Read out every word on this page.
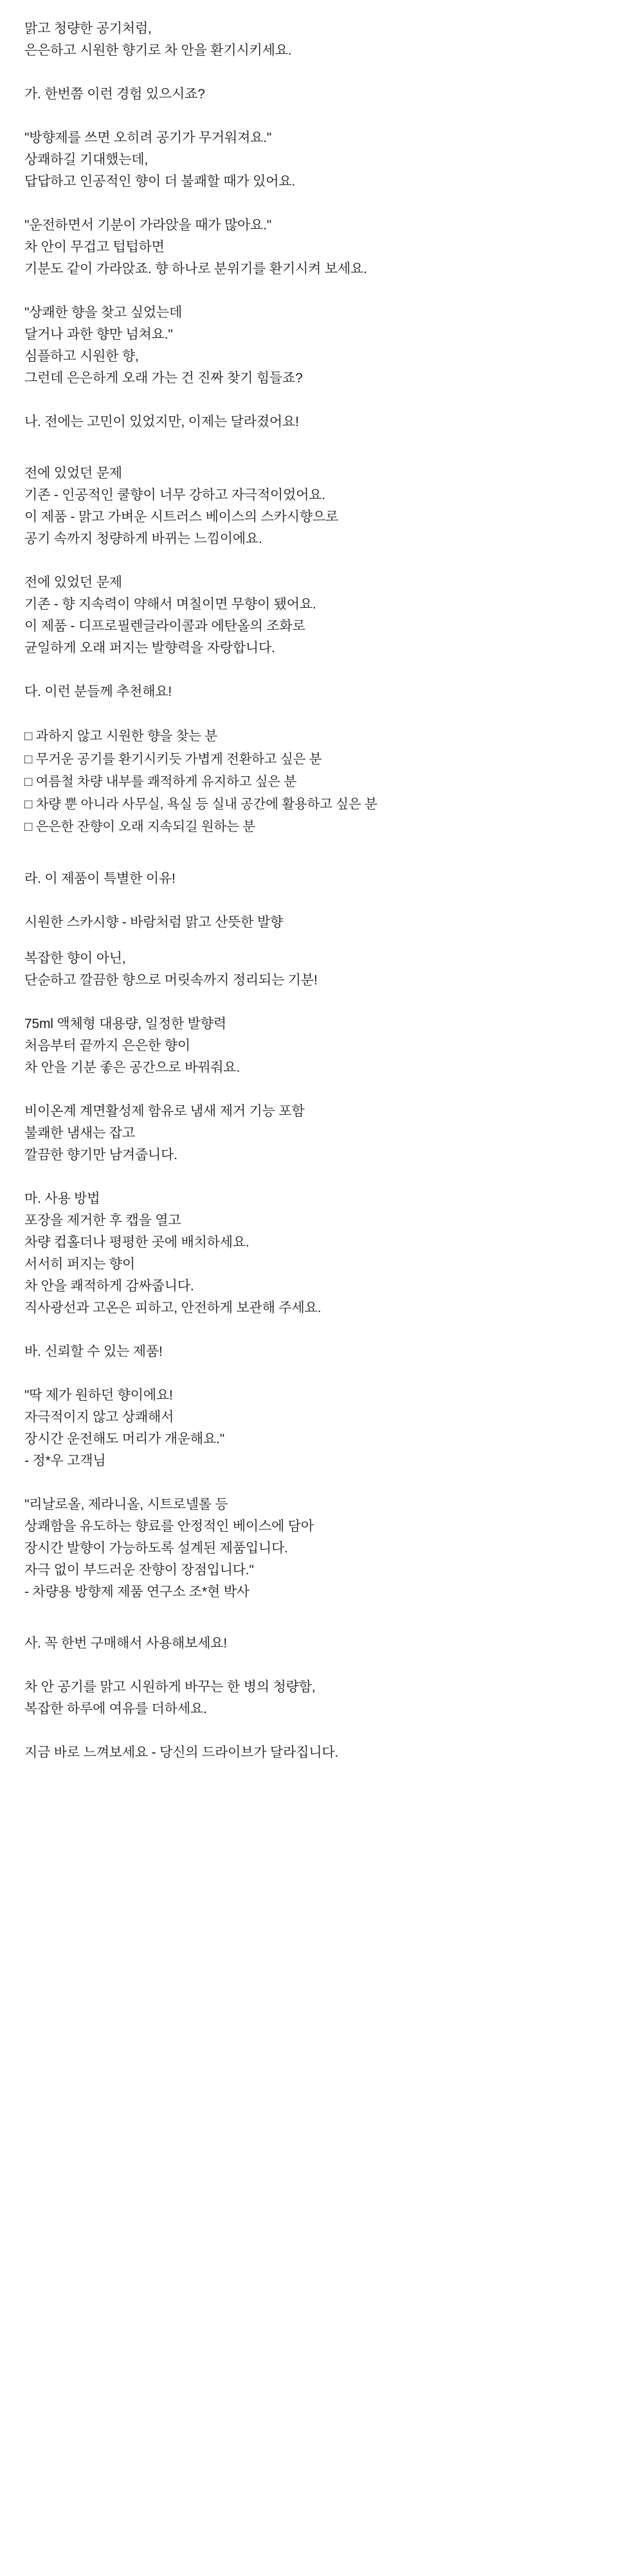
맑고 청량한 공기처럼,
은은하고 시원한 향기로 차 안을 환기시키세요.
가. 한번쯤 이런 경험 있으시죠?
"방향제를 쓰면 오히려 공기가 무거워져요."
상쾌하길 기대했는데,
답답하고 인공적인 향이 더 불쾌할 때가 있어요.
"운전하면서 기분이 가라앉을 때가 많아요."
차 안이 무겁고 텁텁하면
기분도 같이 가라앉죠. 향 하나로 분위기를 환기시켜 보세요.
"상쾌한 향을 찾고 싶었는데
달거나 과한 향만 넘쳐요."
심플하고 시원한 향,
그런데 은은하게 오래 가는 건 진짜 찾기 힘들죠?
나. 전에는 고민이 있었지만, 이제는 달라졌어요!
전에 있었던 문제
기존 - 인공적인 쿨향이 너무 강하고 자극적이었어요.
이 제품 - 맑고 가벼운 시트러스 베이스의 스카시향으로
공기 속까지 청량하게 바뀌는 느낌이에요.
전에 있었던 문제
기존 - 향 지속력이 약해서 며칠이면 무향이 됐어요.
이 제품 - 디프로필렌글라이콜과 에탄올의 조화로
균일하게 오래 퍼지는 발향력을 자랑합니다.
다. 이런 분들께 추천해요!
□ 과하지 않고 시원한 향을 찾는 분
□ 무거운 공기를 환기시키듯 가볍게 전환하고 싶은 분
□ 여름철 차량 내부를 쾌적하게 유지하고 싶은 분
□ 차량 뿐 아니라 사무실, 욕실 등 실내 공간에 활용하고 싶은 분
□ 은은한 잔향이 오래 지속되길 원하는 분
라. 이 제품이 특별한 이유!
시원한 스카시향 - 바람처럼 맑고 산뜻한 발향
복잡한 향이 아닌,
단순하고 깔끔한 향으로 머릿속까지 정리되는 기분!
75ml 액체형 대용량, 일정한 발향력
처음부터 끝까지 은은한 향이
차 안을 기분 좋은 공간으로 바꿔줘요.
비이온계 계면활성제 함유로 냄새 제거 기능 포함
불쾌한 냄새는 잡고
깔끔한 향기만 남겨줍니다.
마. 사용 방법
포장을 제거한 후 캡을 열고
차량 컵홀더나 평평한 곳에 배치하세요.
서서히 퍼지는 향이
차 안을 쾌적하게 감싸줍니다.
직사광선과 고온은 피하고, 안전하게 보관해 주세요.
바. 신뢰할 수 있는 제품!
"딱 제가 원하던 향이에요!
자극적이지 않고 상쾌해서
장시간 운전해도 머리가 개운해요."
- 정*우 고객님
"리날로올, 제라니올, 시트로넬롤 등
상쾌함을 유도하는 향료를 안정적인 베이스에 담아
장시간 발향이 가능하도록 설계된 제품입니다.
자극 없이 부드러운 잔향이 장점입니다."
- 차량용 방향제 제품 연구소 조*현 박사
사. 꼭 한번 구매해서 사용해보세요!
차 안 공기를 맑고 시원하게 바꾸는 한 병의 청량함,
복잡한 하루에 여유를 더하세요.
지금 바로 느껴보세요 - 당신의 드라이브가 달라집니다.
